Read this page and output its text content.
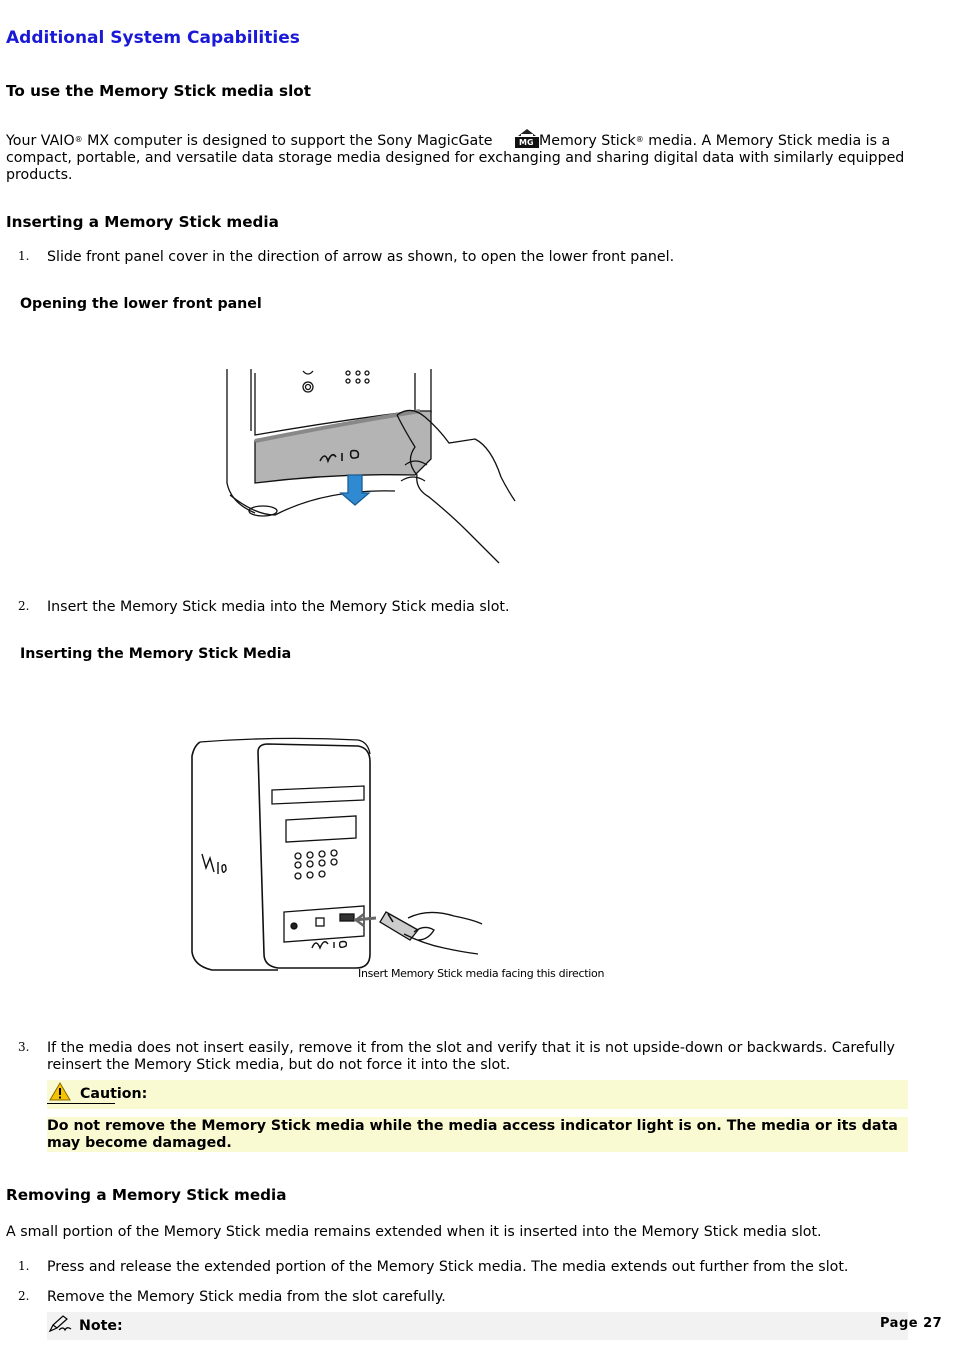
Additional System Capabilities
To use the Memory Stick media slot
Your VAIO® MX computer is designed to support the Sony MagicGate	MG Memory Stick® media. A Memory Stick media is a compact, portable, and versatile data storage media designed for exchanging and sharing digital data with similarly equipped products.
Inserting a Memory Stick media
1. Slide front panel cover in the direction of arrow as shown, to open the lower front panel.
Opening the lower front panel
2. Insert the Memory Stick media into the Memory Stick media slot.
Inserting the Memory Stick Media
Insert Memory Stick media facing this direction
3. If the media does not insert easily, remove it from the slot and verify that it is not upside-down or backwards. Carefully reinsert the Memory Stick media, but do not force it into the slot.
Caution:
Do not remove the Memory Stick media while the media access indicator light is on. The media or its data may become damaged.
Removing a Memory Stick media
A small portion of the Memory Stick media remains extended when it is inserted into the Memory Stick media slot.
1. Press and release the extended portion of the Memory Stick media. The media extends out further from the slot.
2. Remove the Memory Stick media from the slot carefully.
Note:	Page 27
